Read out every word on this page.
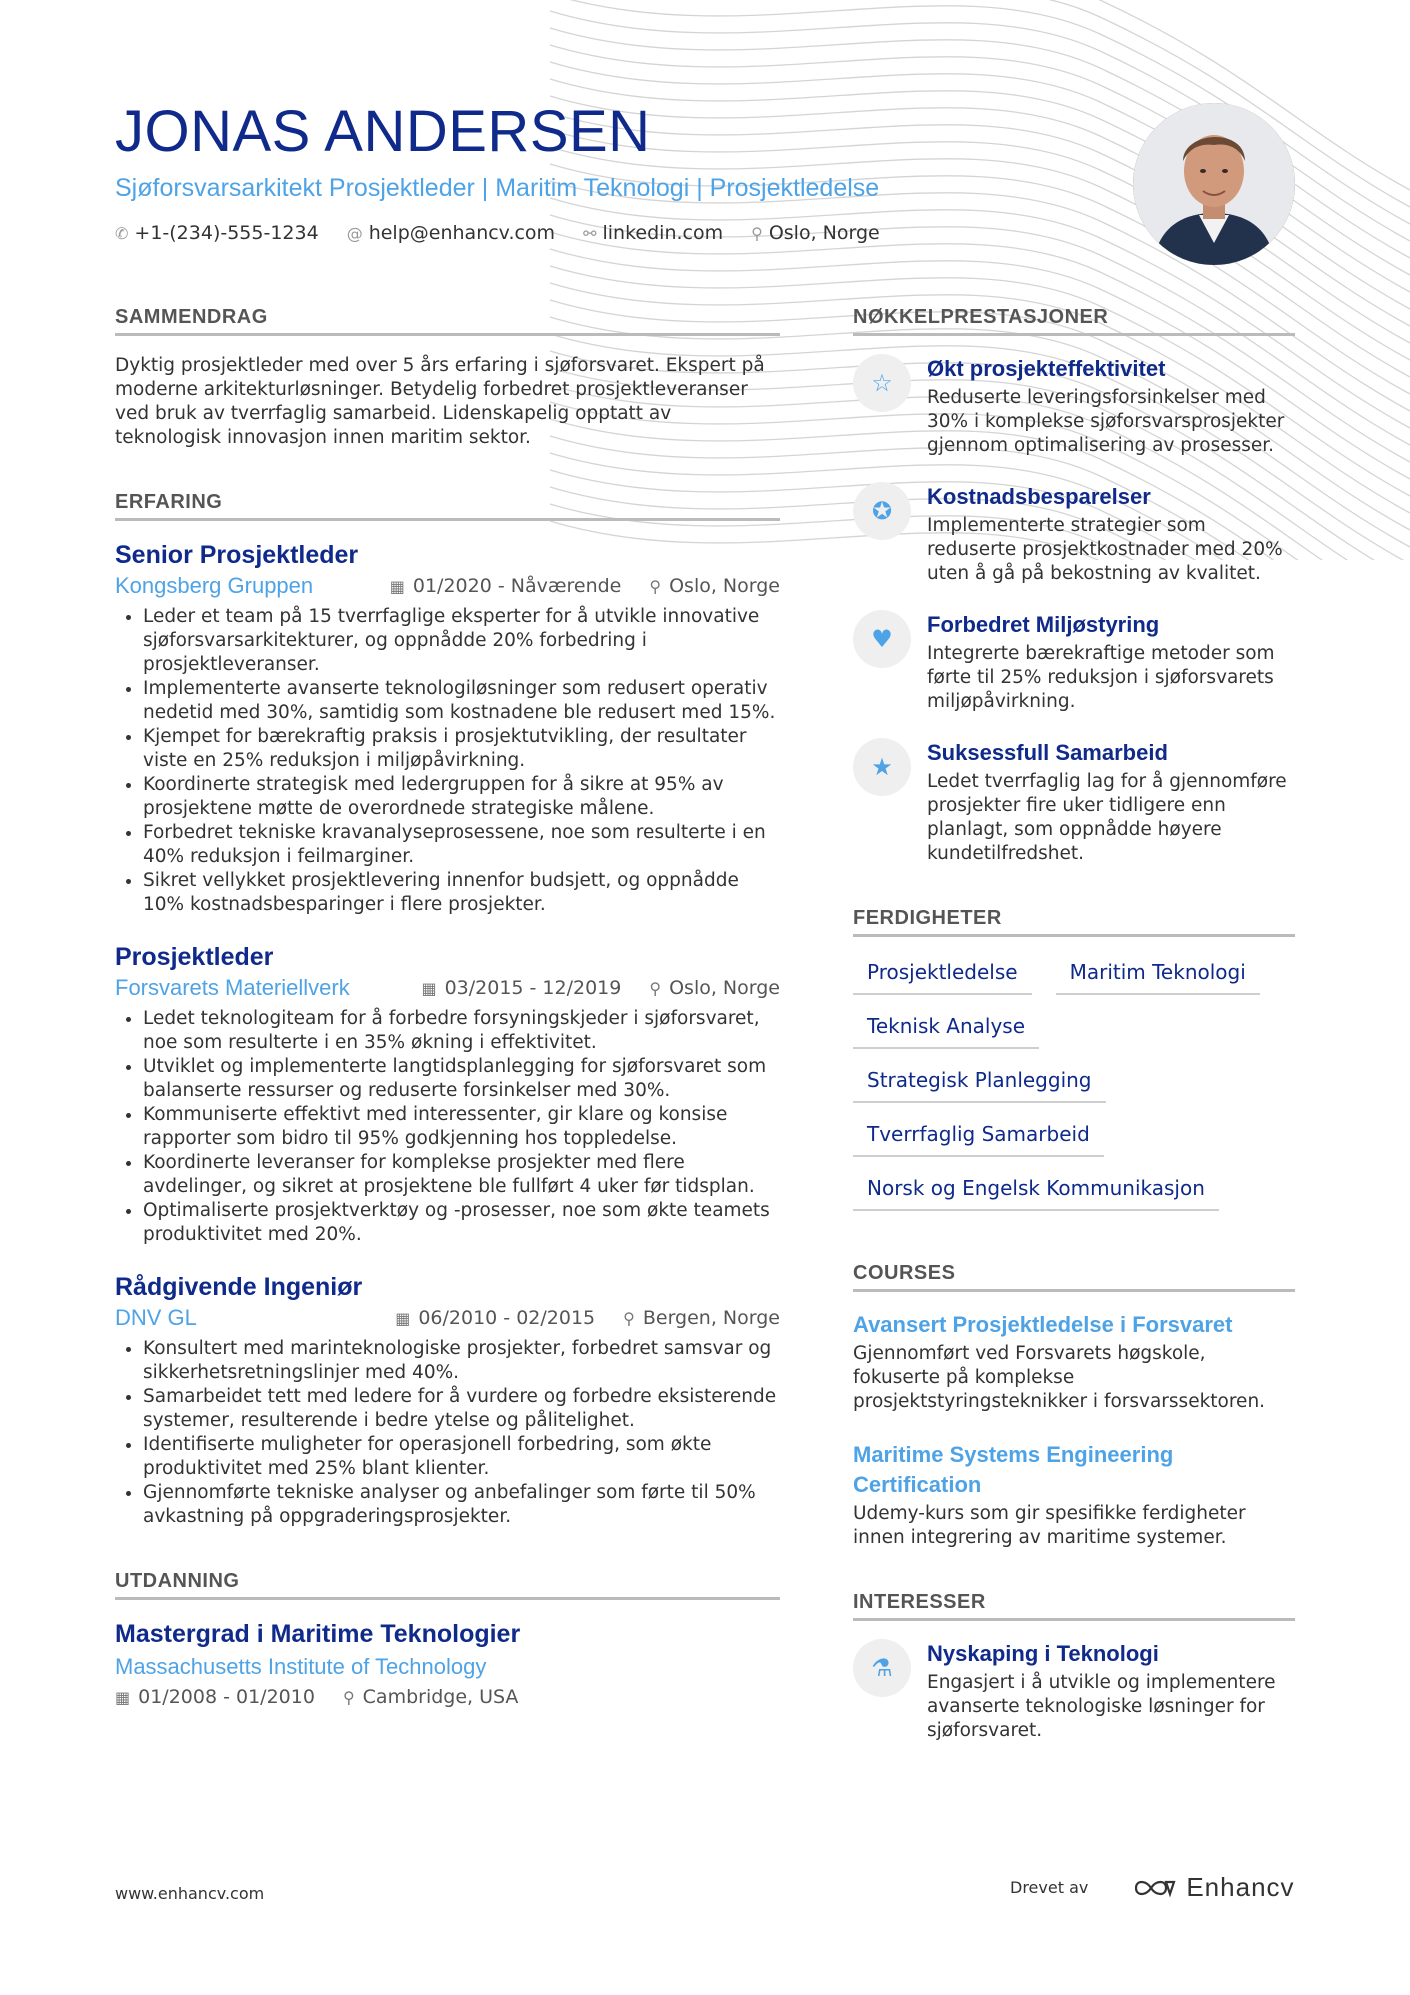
JONAS ANDERSEN
Sjøforsvarsarkitekt Prosjektleder | Maritim Teknologi | Prosjektledelse
✆ +1-(234)-555-1234 @ help@enhancv.com ⚯ linkedin.com ⚲ Oslo, Norge
SAMMENDRAG

Dyktig prosjektleder med over 5 års erfaring i sjøforsvaret. Ekspert på moderne arkitekturløsninger. Betydelig forbedret prosjektleveranser ved bruk av tverrfaglig samarbeid. Lidenskapelig opptatt av teknologisk innovasjon innen maritim sektor.

ERFARING
Senior Prosjektleder
Kongsberg Gruppen	▦ 01/2020 - Nåværende ⚲ Oslo, Norge
• Leder et team på 15 tverrfaglige eksperter for å utvikle innovative sjøforsvarsarkitekturer, og oppnådde 20% forbedring i prosjektleveranser.
• Implementerte avanserte teknologiløsninger som redusert operativ nedetid med 30%, samtidig som kostnadene ble redusert med 15%.
• Kjempet for bærekraftig praksis i prosjektutvikling, der resultater viste en 25% reduksjon i miljøpåvirkning.
• Koordinerte strategisk med ledergruppen for å sikre at 95% av prosjektene møtte de overordnede strategiske målene.
• Forbedret tekniske kravanalyseprosessene, noe som resulterte i en 40% reduksjon i feilmarginer.
• Sikret vellykket prosjektlevering innenfor budsjett, og oppnådde 10% kostnadsbesparinger i flere prosjekter.
Prosjektleder
Forsvarets Materiellverk	▦ 03/2015 - 12/2019 ⚲ Oslo, Norge
• Ledet teknologiteam for å forbedre forsyningskjeder i sjøforsvaret, noe som resulterte i en 35% økning i effektivitet.
• Utviklet og implementerte langtidsplanlegging for sjøforsvaret som balanserte ressurser og reduserte forsinkelser med 30%.
• Kommuniserte effektivt med interessenter, gir klare og konsise rapporter som bidro til 95% godkjenning hos toppledelse.
• Koordinerte leveranser for komplekse prosjekter med flere avdelinger, og sikret at prosjektene ble fullført 4 uker før tidsplan.
• Optimaliserte prosjektverktøy og -prosesser, noe som økte teamets produktivitet med 20%.
Rådgivende Ingeniør
DNV GL	▦ 06/2010 - 02/2015 ⚲ Bergen, Norge
• Konsultert med marinteknologiske prosjekter, forbedret samsvar og sikkerhetsretningslinjer med 40%.
• Samarbeidet tett med ledere for å vurdere og forbedre eksisterende systemer, resulterende i bedre ytelse og pålitelighet.
• Identifiserte muligheter for operasjonell forbedring, som økte produktivitet med 25% blant klienter.
• Gjennomførte tekniske analyser og anbefalinger som førte til 50% avkastning på oppgraderingsprosjekter.
UTDANNING
Mastergrad i Maritime Teknologier
Massachusetts Institute of Technology
▦ 01/2008 - 01/2010 ⚲ Cambridge, USA
NØKKELPRESTASJONER
☆
Økt prosjekteffektivitet

Reduserte leveringsforsinkelser med 30% i komplekse sjøforsvarsprosjekter gjennom optimalisering av prosesser.

✪
Kostnadsbesparelser

Implementerte strategier som reduserte prosjektkostnader med 20% uten å gå på bekostning av kvalitet.

♥
Forbedret Miljøstyring

Integrerte bærekraftige metoder som førte til 25% reduksjon i sjøforsvarets miljøpåvirkning.

★
Suksessfull Samarbeid

Ledet tverrfaglig lag for å gjennomføre prosjekter fire uker tidligere enn planlagt, som oppnådde høyere kundetilfredshet.

FERDIGHETER
Prosjektledelse	Maritim Teknologi
Teknisk Analyse
Strategisk Planlegging
Tverrfaglig Samarbeid
Norsk og Engelsk Kommunikasjon
COURSES
Avansert Prosjektledelse i Forsvaret

Gjennomført ved Forsvarets høgskole, fokuserte på komplekse prosjektstyringsteknikker i forsvarssektoren.

Maritime Systems Engineering Certification

Udemy-kurs som gir spesifikke ferdigheter innen integrering av maritime systemer.

INTERESSER
⚗
Nyskaping i Teknologi

Engasjert i å utvikle og implementere avanserte teknologiske løsninger for sjøforsvaret.

www.enhancv.com	Drevet av	Enhancv
